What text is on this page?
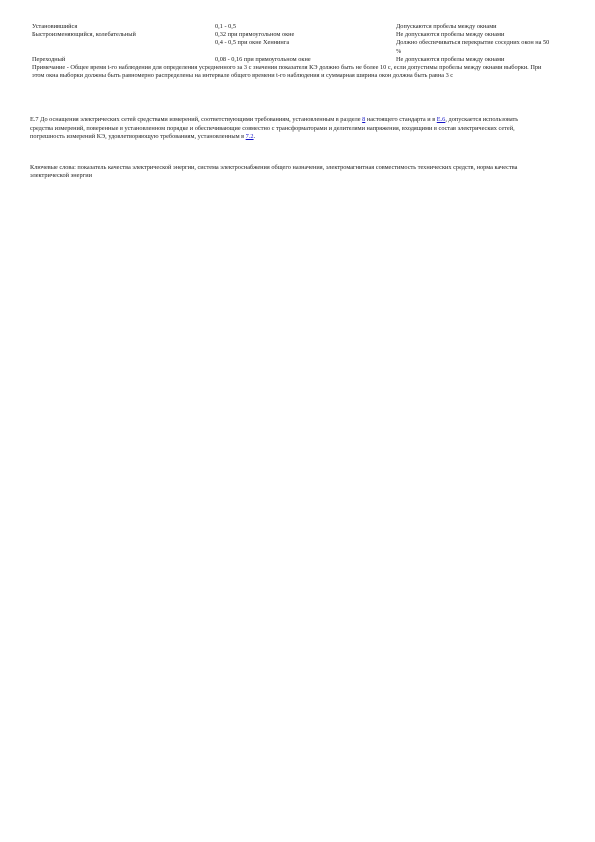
Установившийся	0,1 - 0,5	Допускаются пробелы между окнами
Быстроизменяющийся, колебательный	0,32 при прямоугольном окне	Не допускаются пробелы между окнами
	0,4 - 0,5 при окне Хеннинга	Должно обеспечиваться перекрытие соседних окон на 50 %
Переходный	0,08 - 0,16 при прямоугольном окне	Не допускаются пробелы между окнами
Примечание - Общее время t-го наблюдения для определения усредненного за 3 с значения показателя КЭ должно быть не более 10 с, если допустимы пробелы между окнами выборки. При этом окна выборки должны быть равномерно распределены на интервале общего времени t-го наблюдения и суммарная ширина окон должна быть равна 3 с		

Е.7 До оснащения электрических сетей средствами измерений, соответствующими требованиям, установленным в разделе 8 настоящего стандарта и в Е.6, допускается использовать средства измерений, поверенные в установленном порядке и обеспечивающие совместно с трансформаторами и делителями напряжения, входящими в состав электрических сетей, погрешность измерений КЭ, удовлетворяющую требованиям, установленным в 7.2.

Ключевые слова: показатель качества электрической энергии, система электроснабжения общего назначения, электромагнитная совместимость технических средств, норма качества электрической энергии
